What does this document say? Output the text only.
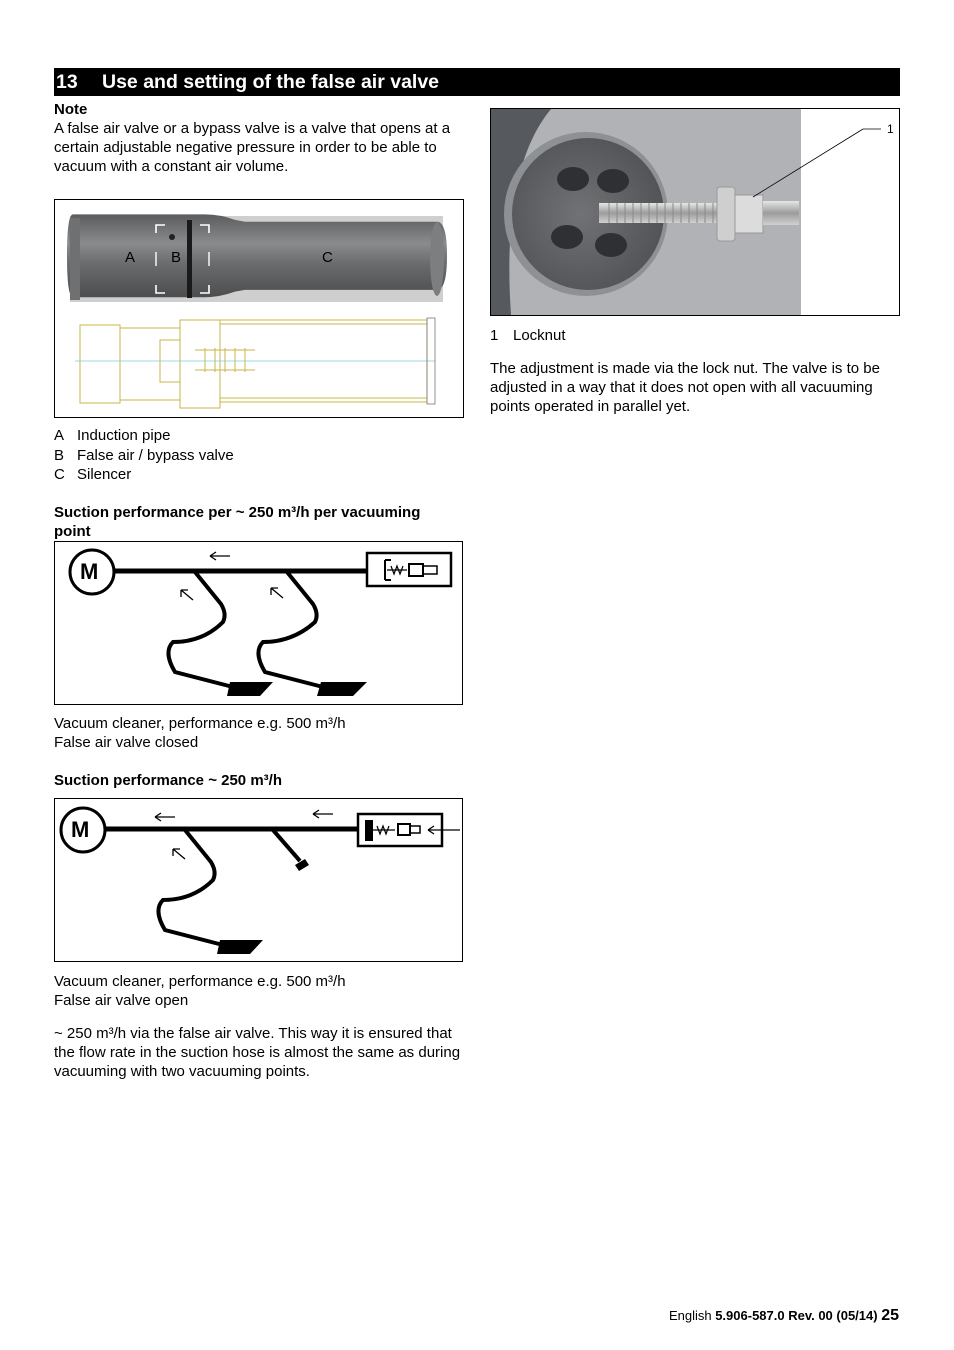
13 Use and setting of the false air valve

Note

A false air valve or a bypass valve is a valve that opens at a certain adjustable negative pressure in order to be able to vacuum with a constant air volume.

A B	C
A Induction pipe
B False air / bypass valve
C Silencer

Suction performance per ~ 250 m³/h per vacuuming point

M

Vacuum cleaner, performance e.g. 500 m³/h

False air valve closed

Suction performance ~ 250 m³/h

M

Vacuum cleaner, performance e.g. 500 m³/h

False air valve open

~ 250 m³/h via the false air valve. This way it is ensured that the flow rate in the suction hose is almost the same as during vacuuming with two vacuuming points.

1
1 Locknut

The adjustment is made via the lock nut. The valve is to be adjusted in a way that it does not open with all vacuuming points operated in parallel yet.

English 5.906-587.0 Rev. 00 (05/14) 25
